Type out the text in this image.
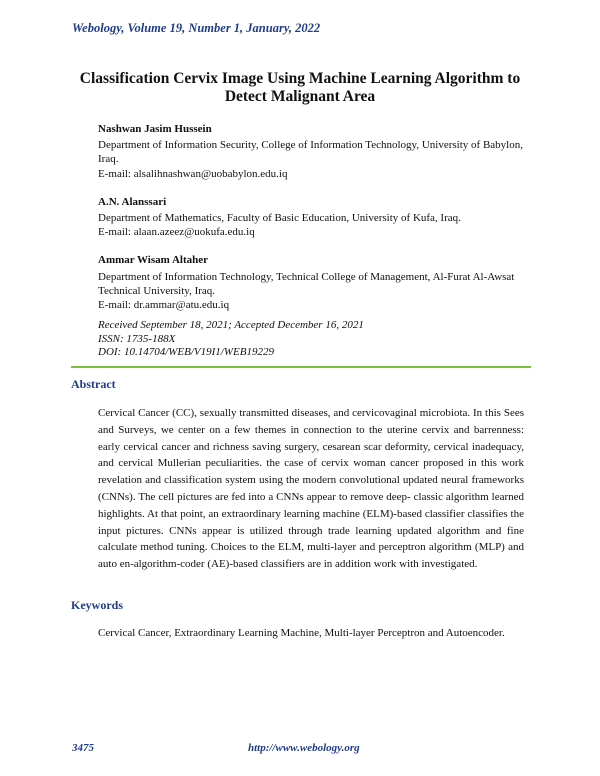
Webology, Volume 19, Number 1, January, 2022
Classification Cervix Image Using Machine Learning Algorithm to Detect Malignant Area
Nashwan Jasim Hussein
Department of Information Security, College of Information Technology, University of Babylon,
Iraq.
E-mail: alsalihnashwan@uobabylon.edu.iq
A.N. Alanssari
Department of Mathematics, Faculty of Basic Education, University of Kufa, Iraq.
E-mail: alaan.azeez@uokufa.edu.iq
Ammar Wisam Altaher
Department of Information Technology, Technical College of Management, Al-Furat Al-Awsat
Technical University, Iraq.
E-mail: dr.ammar@atu.edu.iq
Received September 18, 2021; Accepted December 16, 2021
ISSN: 1735-188X
DOI: 10.14704/WEB/V19I1/WEB19229
Abstract
Cervical Cancer (CC), sexually transmitted diseases, and cervicovaginal microbiota. In this Sees and Surveys, we center on a few themes in connection to the uterine cervix and barrenness: early cervical cancer and richness saving surgery, cesarean scar deformity, cervical inadequacy, and cervical Mullerian peculiarities. the case of cervix woman cancer proposed in this work revelation and classification system using the modern convolutional updated neural frameworks (CNNs). The cell pictures are fed into a CNNs appear to remove deep- classic algorithm learned highlights. At that point, an extraordinary learning machine (ELM)-based classifier classifies the input pictures. CNNs appear is utilized through trade learning updated algorithm and fine calculate method tuning. Choices to the ELM, multi-layer and perceptron algorithm (MLP) and auto en-algorithm-coder (AE)-based classifiers are in addition work with investigated.
Keywords
Cervical Cancer, Extraordinary Learning Machine, Multi-layer Perceptron and Autoencoder.
3475	http://www.webology.org
